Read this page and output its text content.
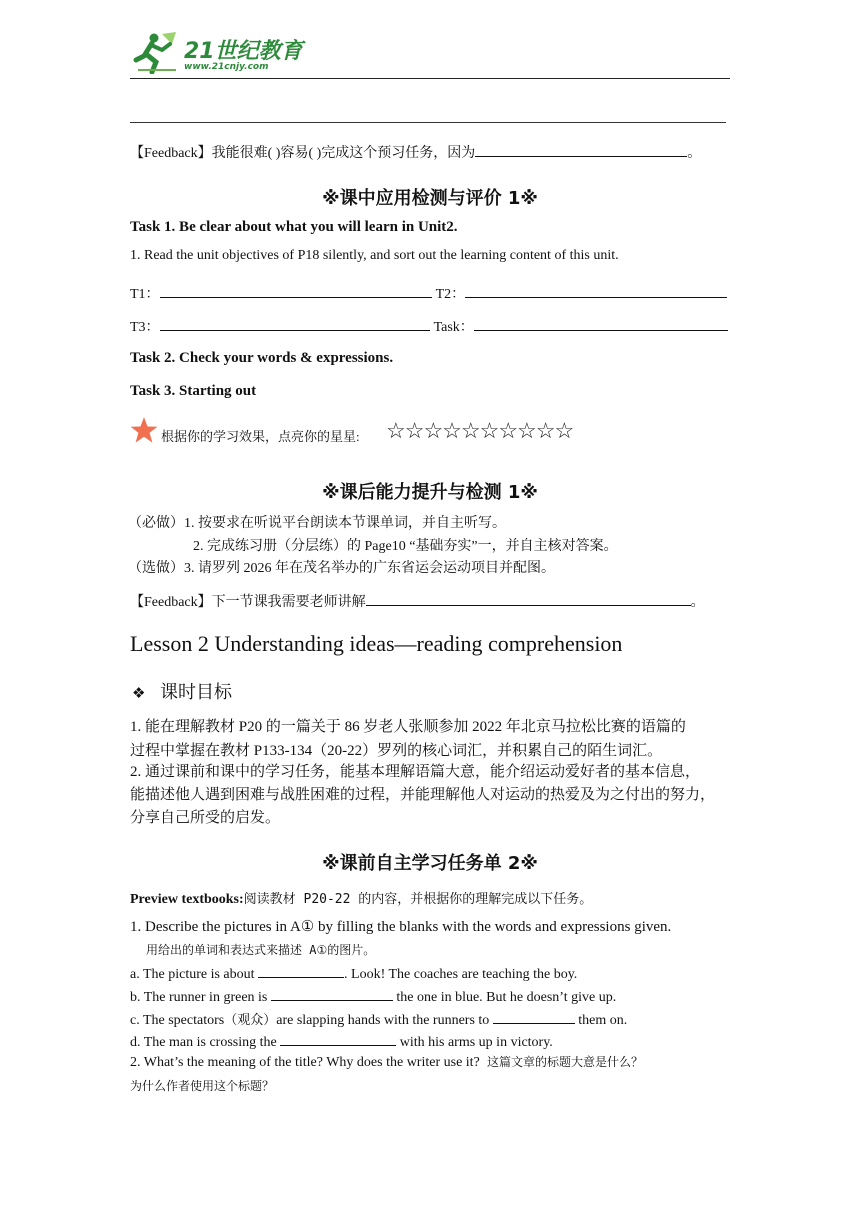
21世纪教育
www.21cnjy.com
【Feedback】我能很难( )容易( )完成这个预习任务，因为	。
※课中应用检测与评价 1※
Task 1. Be clear about what you will learn in Unit2.
1. Read the unit objectives of P18 silently, and sort out the learning content of this unit.
T1：	T2：
T3：	Task：
Task 2. Check your words & expressions.
Task 3. Starting out
根据你的学习效果，点亮你的星星: ☆☆☆☆☆☆☆☆☆☆
※课后能力提升与检测 1※
（必做）1. 按要求在听说平台朗读本节课单词，并自主听写。
2. 完成练习册（分层练）的 Page10 “基础夯实”一，并自主核对答案。
（选做）3. 请罗列 2026 年在茂名举办的广东省运会运动项目并配图。
【Feedback】下一节课我需要老师讲解	。
Lesson 2 Understanding ideas—reading comprehension
❖ 课时目标
1. 能在理解教材 P20 的一篇关于 86 岁老人张顺参加 2022 年北京马拉松比赛的语篇的
过程中掌握在教材 P133-134（20-22）罗列的核心词汇，并积累自己的陌生词汇。
2. 通过课前和课中的学习任务，能基本理解语篇大意，能介绍运动爱好者的基本信息，
能描述他人遇到困难与战胜困难的过程，并能理解他人对运动的热爱及为之付出的努力，
分享自己所受的启发。
※课前自主学习任务单 2※
Preview textbooks:阅读教材 P20-22 的内容，并根据你的理解完成以下任务。
1. Describe the pictures in A① by filling the blanks with the words and expressions given.
用给出的单词和表达式来描述 A①的图片。
a. The picture is about	. Look! The coaches are teaching the boy.
b. The runner in green is	the one in blue. But he doesn’t give up.
c. The spectators（观众）are slapping hands with the runners to	them on.
d. The man is crossing the	with his arms up in victory.
2. What’s the meaning of the title? Why does the writer use it? 这篇文章的标题大意是什么？
为什么作者使用这个标题？
